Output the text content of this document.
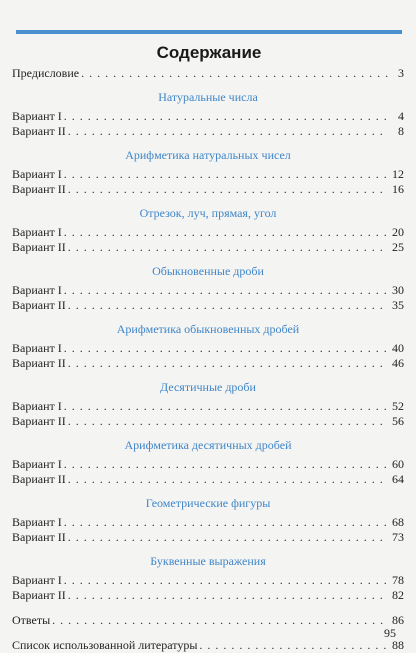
Содержание
Предисловие . . .	3
Натуральные числа
Вариант I . . .	4
Вариант II . . .	8
Арифметика натуральных чисел
Вариант I . . .	12
Вариант II . . .	16
Отрезок, луч, прямая, угол
Вариант I . . .	20
Вариант II . . .	25
Обыкновенные дроби
Вариант I . . .	30
Вариант II . . .	35
Арифметика обыкновенных дробей
Вариант I . . .	40
Вариант II . . .	46
Десятичные дроби
Вариант I . . .	52
Вариант II . . .	56
Арифметика десятичных дробей
Вариант I . . .	60
Вариант II . . .	64
Геометрические фигуры
Вариант I . . .	68
Вариант II . . .	73
Буквенные выражения
Вариант I . . .	78
Вариант II . . .	82
Ответы . . .	86
Список использованной литературы . . .	88
95
